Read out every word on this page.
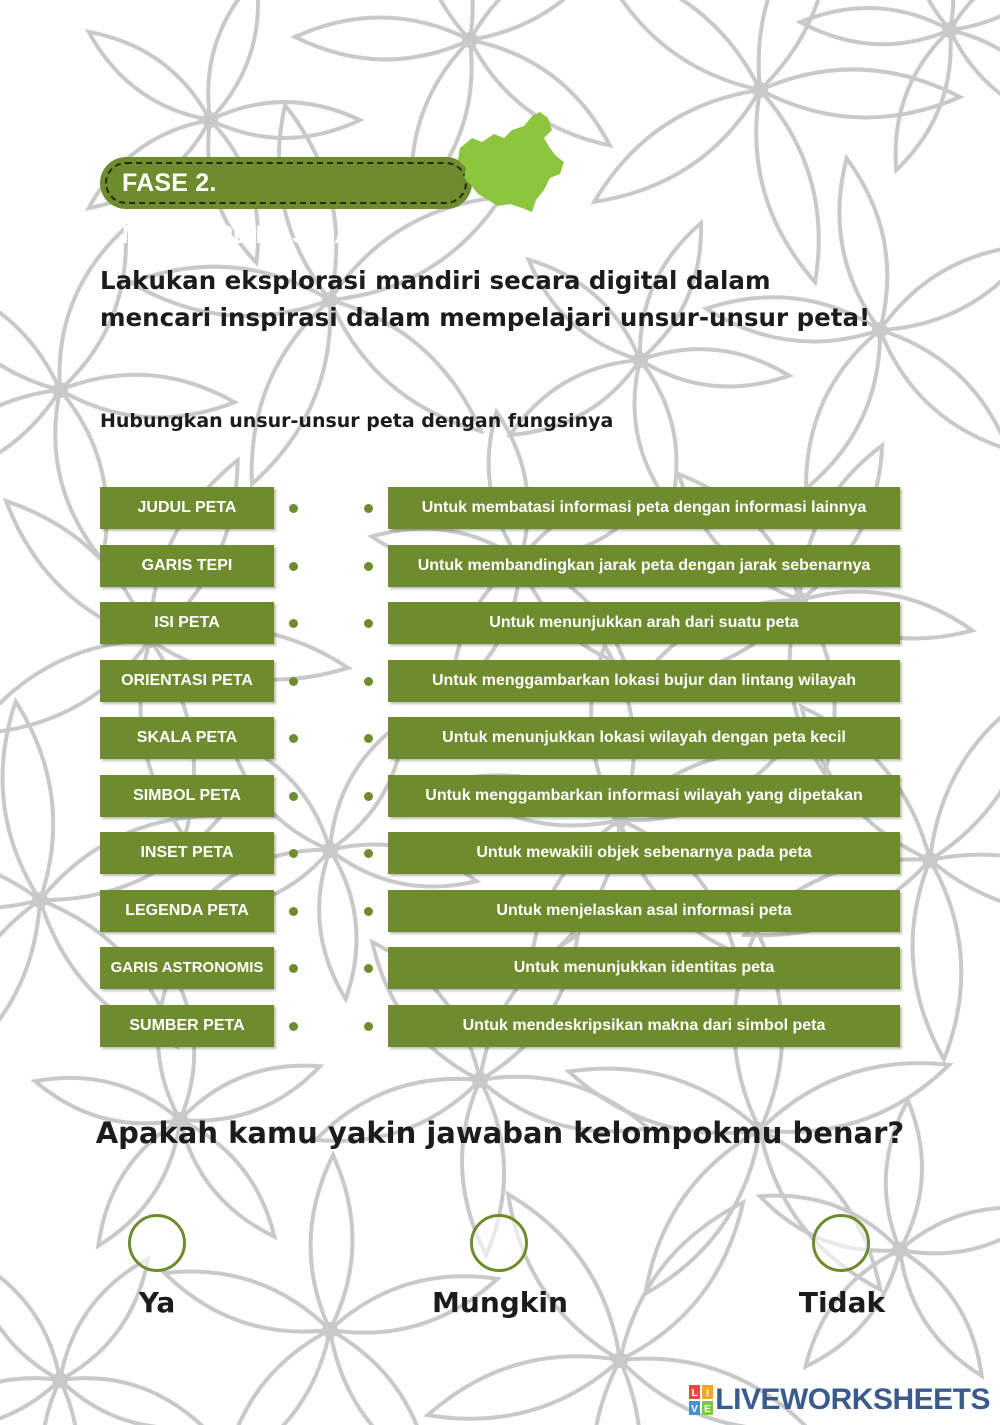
FASE 2. MENGAPLIKASIKAN
Lakukan eksplorasi mandiri secara digital dalam
mencari inspirasi dalam mempelajari unsur-unsur peta!
Hubungkan unsur-unsur peta dengan fungsinya
JUDUL PETA
GARIS TEPI
ISI PETA
ORIENTASI PETA
SKALA PETA
SIMBOL PETA
INSET PETA
LEGENDA PETA
GARIS ASTRONOMIS
SUMBER PETA
Untuk membatasi informasi peta dengan informasi lainnya
Untuk membandingkan jarak peta dengan jarak sebenarnya
Untuk menunjukkan arah dari suatu peta
Untuk menggambarkan lokasi bujur dan lintang wilayah
Untuk menunjukkan lokasi wilayah dengan peta kecil
Untuk menggambarkan informasi wilayah yang dipetakan
Untuk mewakili objek sebenarnya pada peta
Untuk menjelaskan asal informasi peta
Untuk menunjukkan identitas peta
Untuk mendeskripsikan makna dari simbol peta
Apakah kamu yakin jawaban kelompokmu benar?
Ya	Mungkin	Tidak
L I
V E LIVEWORKSHEETS
